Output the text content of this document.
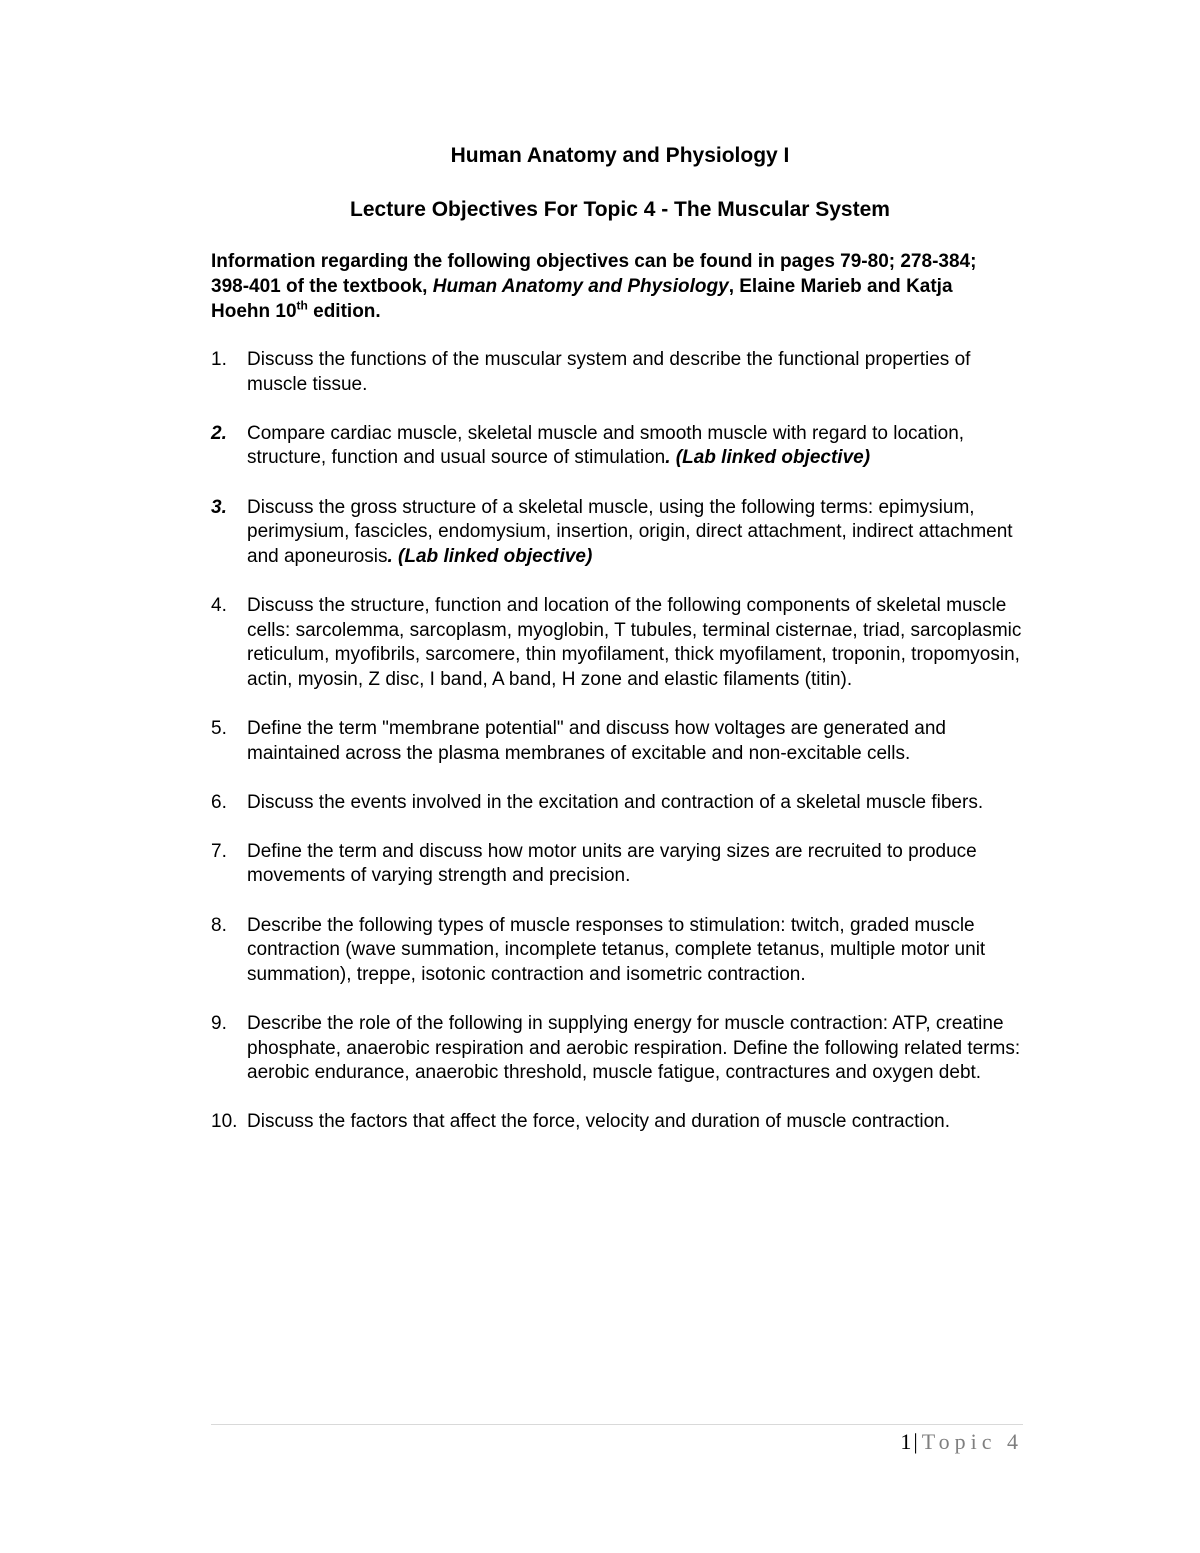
Human Anatomy and Physiology I
Lecture Objectives For Topic 4 - The Muscular System

Information regarding the following objectives can be found in pages 79-80; 278-384; 398-401 of the textbook, Human Anatomy and Physiology, Elaine Marieb and Katja Hoehn 10th edition.

1. Discuss the functions of the muscular system and describe the functional properties of muscle tissue.
2. Compare cardiac muscle, skeletal muscle and smooth muscle with regard to location, structure, function and usual source of stimulation. (Lab linked objective)
3. Discuss the gross structure of a skeletal muscle, using the following terms: epimysium, perimysium, fascicles, endomysium, insertion, origin, direct attachment, indirect attachment and aponeurosis. (Lab linked objective)
4. Discuss the structure, function and location of the following components of skeletal muscle cells: sarcolemma, sarcoplasm, myoglobin, T tubules, terminal cisternae, triad, sarcoplasmic reticulum, myofibrils, sarcomere, thin myofilament, thick myofilament, troponin, tropomyosin, actin, myosin, Z disc, I band, A band, H zone and elastic filaments (titin).
5. Define the term "membrane potential" and discuss how voltages are generated and maintained across the plasma membranes of excitable and non-excitable cells.
6. Discuss the events involved in the excitation and contraction of a skeletal muscle fibers.
7. Define the term and discuss how motor units are varying sizes are recruited to produce movements of varying strength and precision.
8. Describe the following types of muscle responses to stimulation: twitch, graded muscle contraction (wave summation, incomplete tetanus, complete tetanus, multiple motor unit summation), treppe, isotonic contraction and isometric contraction.
9. Describe the role of the following in supplying energy for muscle contraction: ATP, creatine phosphate, anaerobic respiration and aerobic respiration. Define the following related terms: aerobic endurance, anaerobic threshold, muscle fatigue, contractures and oxygen debt.
10. Discuss the factors that affect the force, velocity and duration of muscle contraction.
1| Topic 4
